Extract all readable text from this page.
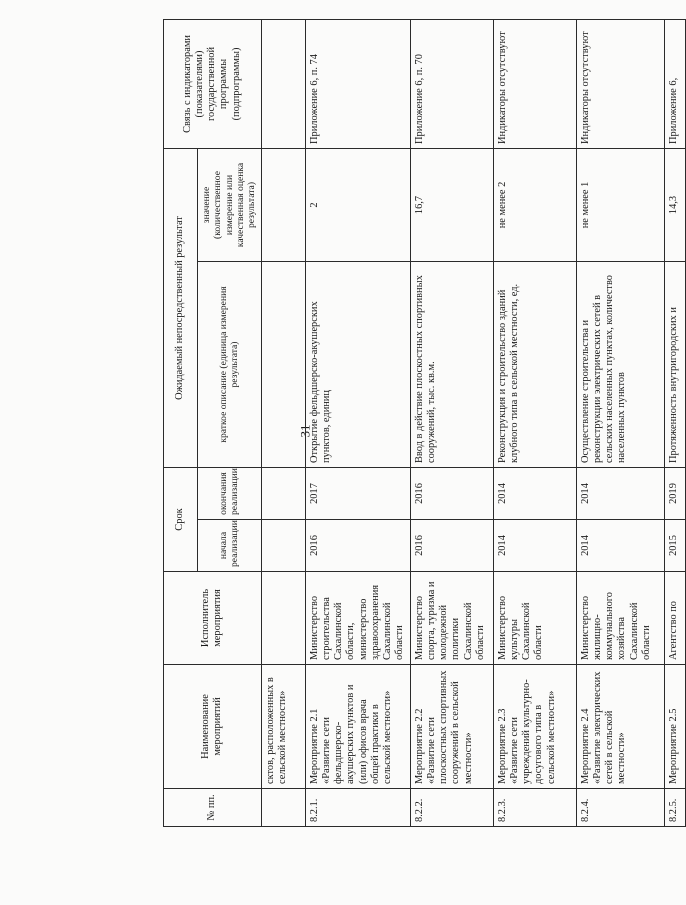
31
№ пп.	Наименование мероприятий	Исполнитель мероприятия	Срок		Ожидаемый непосредственный результат		Связь с индикаторами (показателями) государственной программы (подпрограммы)
			начала реализации	окончания реализации	краткое описание (единица измерения результата)	значение (количественное измерение или качественная оценка результата)	
	сктов, расположенных в сельской местности»						
8.2.1.	Мероприятие 2.1 «Развитие сети фельдшерско-акушерских пунктов и (или) офисов врача общей практики в сельской местности»	Министерство строительства Сахалинской области, министерство здравоохранения Сахалинской области	2016	2017	Открытие фельдшерско-акушерских пунктов, единиц	2	Приложение 6, п. 74
8.2.2.	Мероприятие 2.2 «Развитие сети плоскостных спортивных сооружений в сельской местности»	Министерство спорта, туризма и молодежной политики Сахалинской области	2016	2016	Ввод в действие плоскостных спортивных сооружений, тыс. кв.м.	16,7	Приложение 6, п. 70
8.2.3.	Мероприятие 2.3 «Развитие сети учреждений культурно-досугового типа в сельской местности»	Министерство культуры Сахалинской области	2014	2014	Реконструкция и строительство зданий клубного типа в сельской местности, ед.	не менее 2	Индикаторы отсутствуют
8.2.4.	Мероприятие 2.4 «Развитие электрических сетей в сельской местности»	Министерство жилищно-коммунального хозяйства Сахалинской области	2014	2014	Осуществление строительства и реконструкции электрических сетей в сельских населенных пунктах, количество населенных пунктов	не менее 1	Индикаторы отсутствуют
8.2.5.	Мероприятие 2.5	Агентство по	2015	2019	Протяженность внутригородских и	14,3	Приложение 6,
